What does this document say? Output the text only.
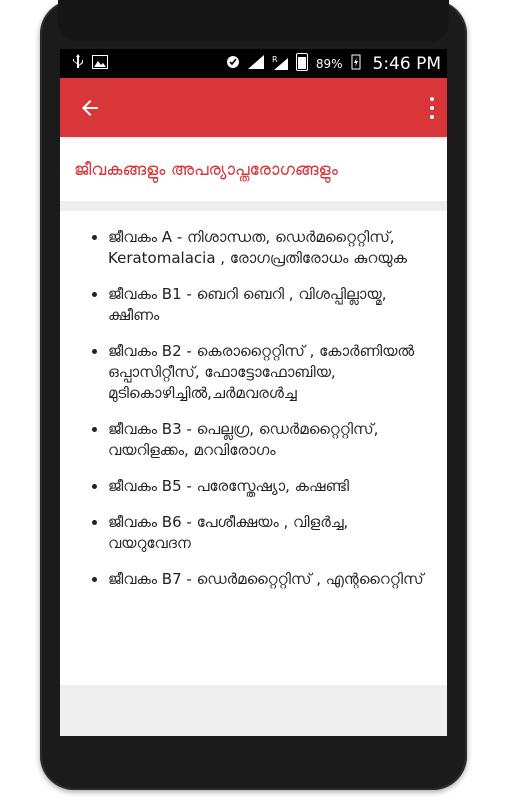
R	89% 5:46 PM
ജീവകങ്ങളും അപര്യാപ്തരോഗങ്ങളും
• ജീവകം A - നിശാന്ധത, ഡെർമറ്റൈറ്റിസ്, Keratomalacia , രോഗപ്രതിരോധം കുറയുക
• ജീവകം B1 - ബെറി ബെറി , വിശപ്പില്ലായ്മ, ക്ഷീണം
• ജീവകം B2 - കെരാറ്റൈറ്റിസ് , കോർണിയൽ ഒപ്പാസിറ്റീസ്, ഫോട്ടോഫോബിയ, മുടികൊഴിച്ചിൽ,ചർമവരൾച്ച
• ജീവകം B3 - പെല്ലഗ്ര, ഡെർമറ്റൈറ്റിസ്, വയറിളക്കം, മറവിരോഗം
• ജീവകം B5 - പരേസ്തേഷ്യാ, കഷണ്ടി
• ജീവകം B6 - പേശീക്ഷയം , വിളർച്ച, വയറുവേദന
• ജീവകം B7 - ഡെർമറ്റൈറ്റിസ് , എന്ററൈറ്റിസ്
